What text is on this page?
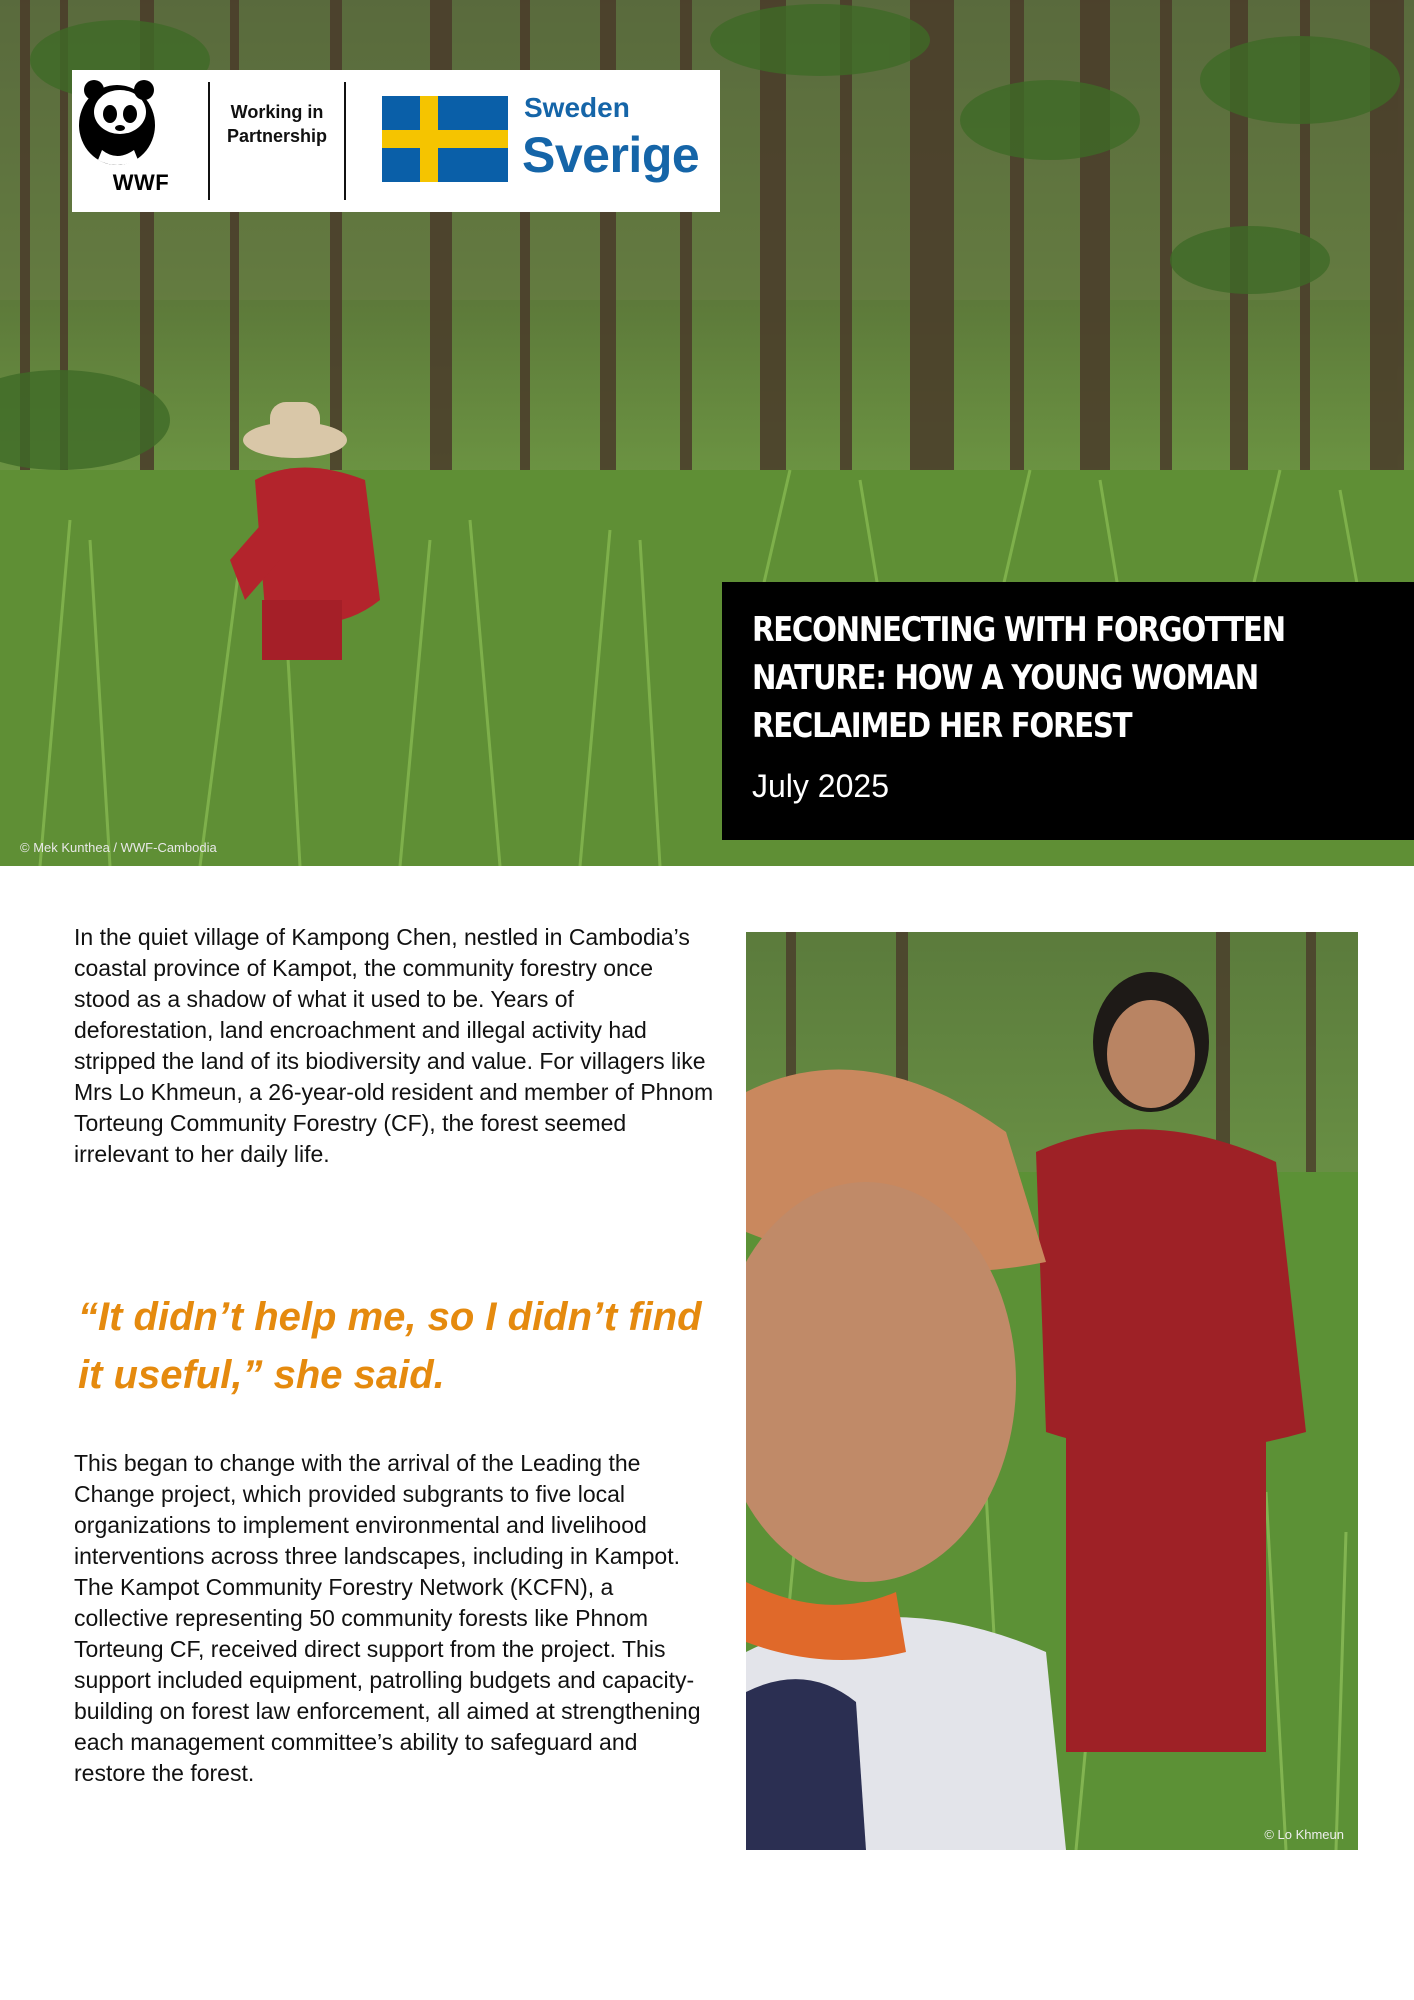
WWF
Working in Partnership
Sweden
Sverige
RECONNECTING WITH FORGOTTEN NATURE: HOW A YOUNG WOMAN RECLAIMED HER FOREST
July 2025
© Mek Kunthea / WWF-Cambodia

In the quiet village of Kampong Chen, nestled in Cambodia’s coastal province of Kampot, the community forestry once stood as a shadow of what it used to be. Years of deforestation, land encroachment and illegal activity had stripped the land of its biodiversity and value. For villagers like Mrs Lo Khmeun, a 26-year-old resident and member of Phnom Torteung Community Forestry (CF), the forest seemed irrelevant to her daily life.

“It didn’t help me, so I didn’t find it useful,” she said.

This began to change with the arrival of the Leading the Change project, which provided subgrants to five local organizations to implement environmental and livelihood interventions across three landscapes, including in Kampot. The Kampot Community Forestry Network (KCFN), a collective representing 50 community forests like Phnom Torteung CF, received direct support from the project. This support included equipment, patrolling budgets and capacity-building on forest law enforcement, all aimed at strengthening each management committee’s ability to safeguard and restore the forest.

© Lo Khmeun
